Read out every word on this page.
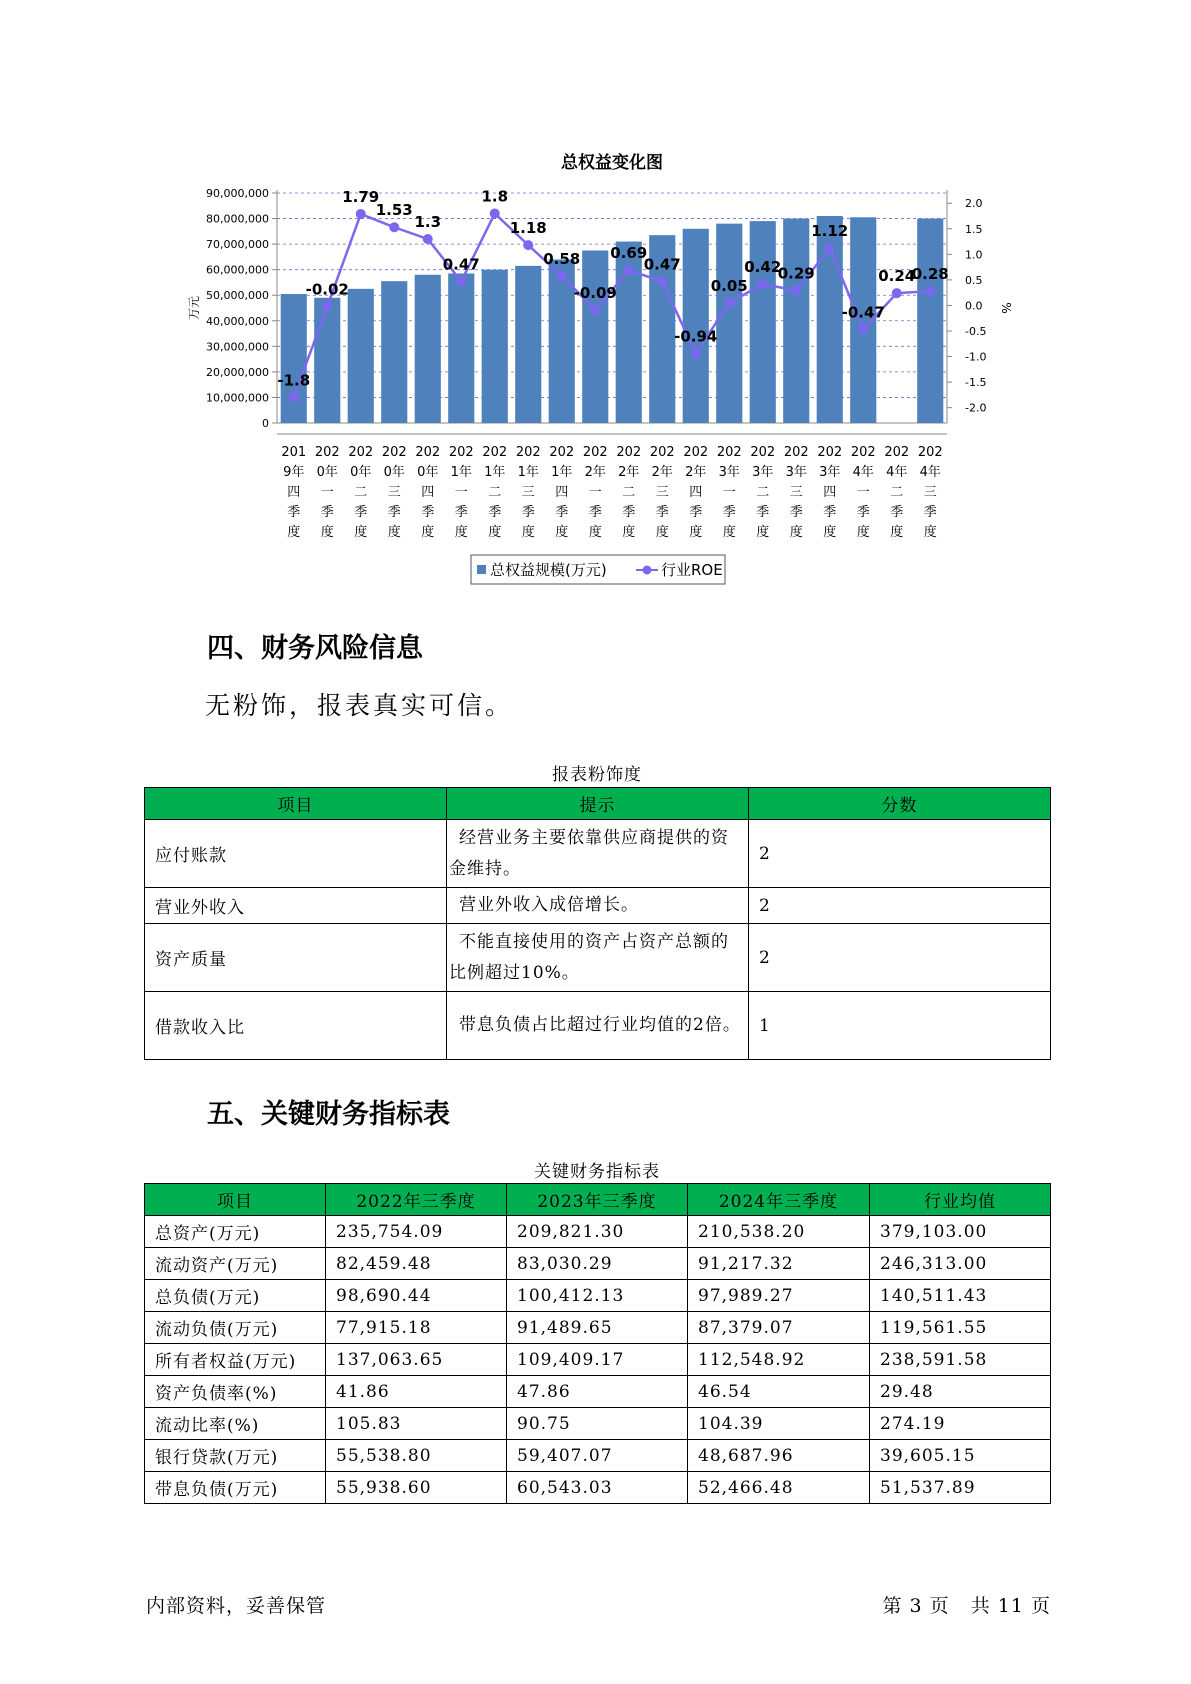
总权益变化图
0
10,000,000
20,000,000
30,000,000
40,000,000
50,000,000
60,000,000
70,000,000
80,000,000
90,000,000
-2.0
-1.5
-1.0
-0.5
0.0
0.5
1.0
1.5
2.0
万元	%
201
9年
四
季
度
202
0年
一
季
度
202
0年
二
季
度
202
0年
三
季
度
202
0年
四
季
度
202
1年
一
季
度
202
1年
二
季
度
202
1年
三
季
度
202
1年
四
季
度
202
2年
一
季
度
202
2年
二
季
度
202
2年
三
季
度
202
2年
四
季
度
202
3年
一
季
度
202
3年
二
季
度
202
3年
三
季
度
202
3年
四
季
度
202
4年
一
季
度
202
4年
二
季
度
202
4年
三
季
度
-1.8
-0.02
1.79
1.53
1.3
0.47
1.8
1.18
0.58
-0.09
0.69
0.47
-0.94
0.05
0.42
0.29
1.12
-0.47
0.24
0.28
总权益规模(万元)	行业ROE
四、财务风险信息

无粉饰，报表真实可信。

报表粉饰度
项目	提示	分数
应付账款	经营业务主要依靠供应商提供的资金维持。	2
营业外收入	营业外收入成倍增长。	2
资产质量	不能直接使用的资产占资产总额的比例超过10%。	2
借款收入比	带息负债占比超过行业均值的2倍。	1
五、关键财务指标表
关键财务指标表
项目	2022年三季度	2023年三季度	2024年三季度	行业均值
总资产(万元)	235,754.09	209,821.30	210,538.20	379,103.00
流动资产(万元)	82,459.48	83,030.29	91,217.32	246,313.00
总负债(万元)	98,690.44	100,412.13	97,989.27	140,511.43
流动负债(万元)	77,915.18	91,489.65	87,379.07	119,561.55
所有者权益(万元)	137,063.65	109,409.17	112,548.92	238,591.58
资产负债率(%)	41.86	47.86	46.54	29.48
流动比率(%)	105.83	90.75	104.39	274.19
银行贷款(万元)	55,538.80	59,407.07	48,687.96	39,605.15
带息负债(万元)	55,938.60	60,543.03	52,466.48	51,537.89
内部资料，妥善保管	第 3 页   共 11 页
